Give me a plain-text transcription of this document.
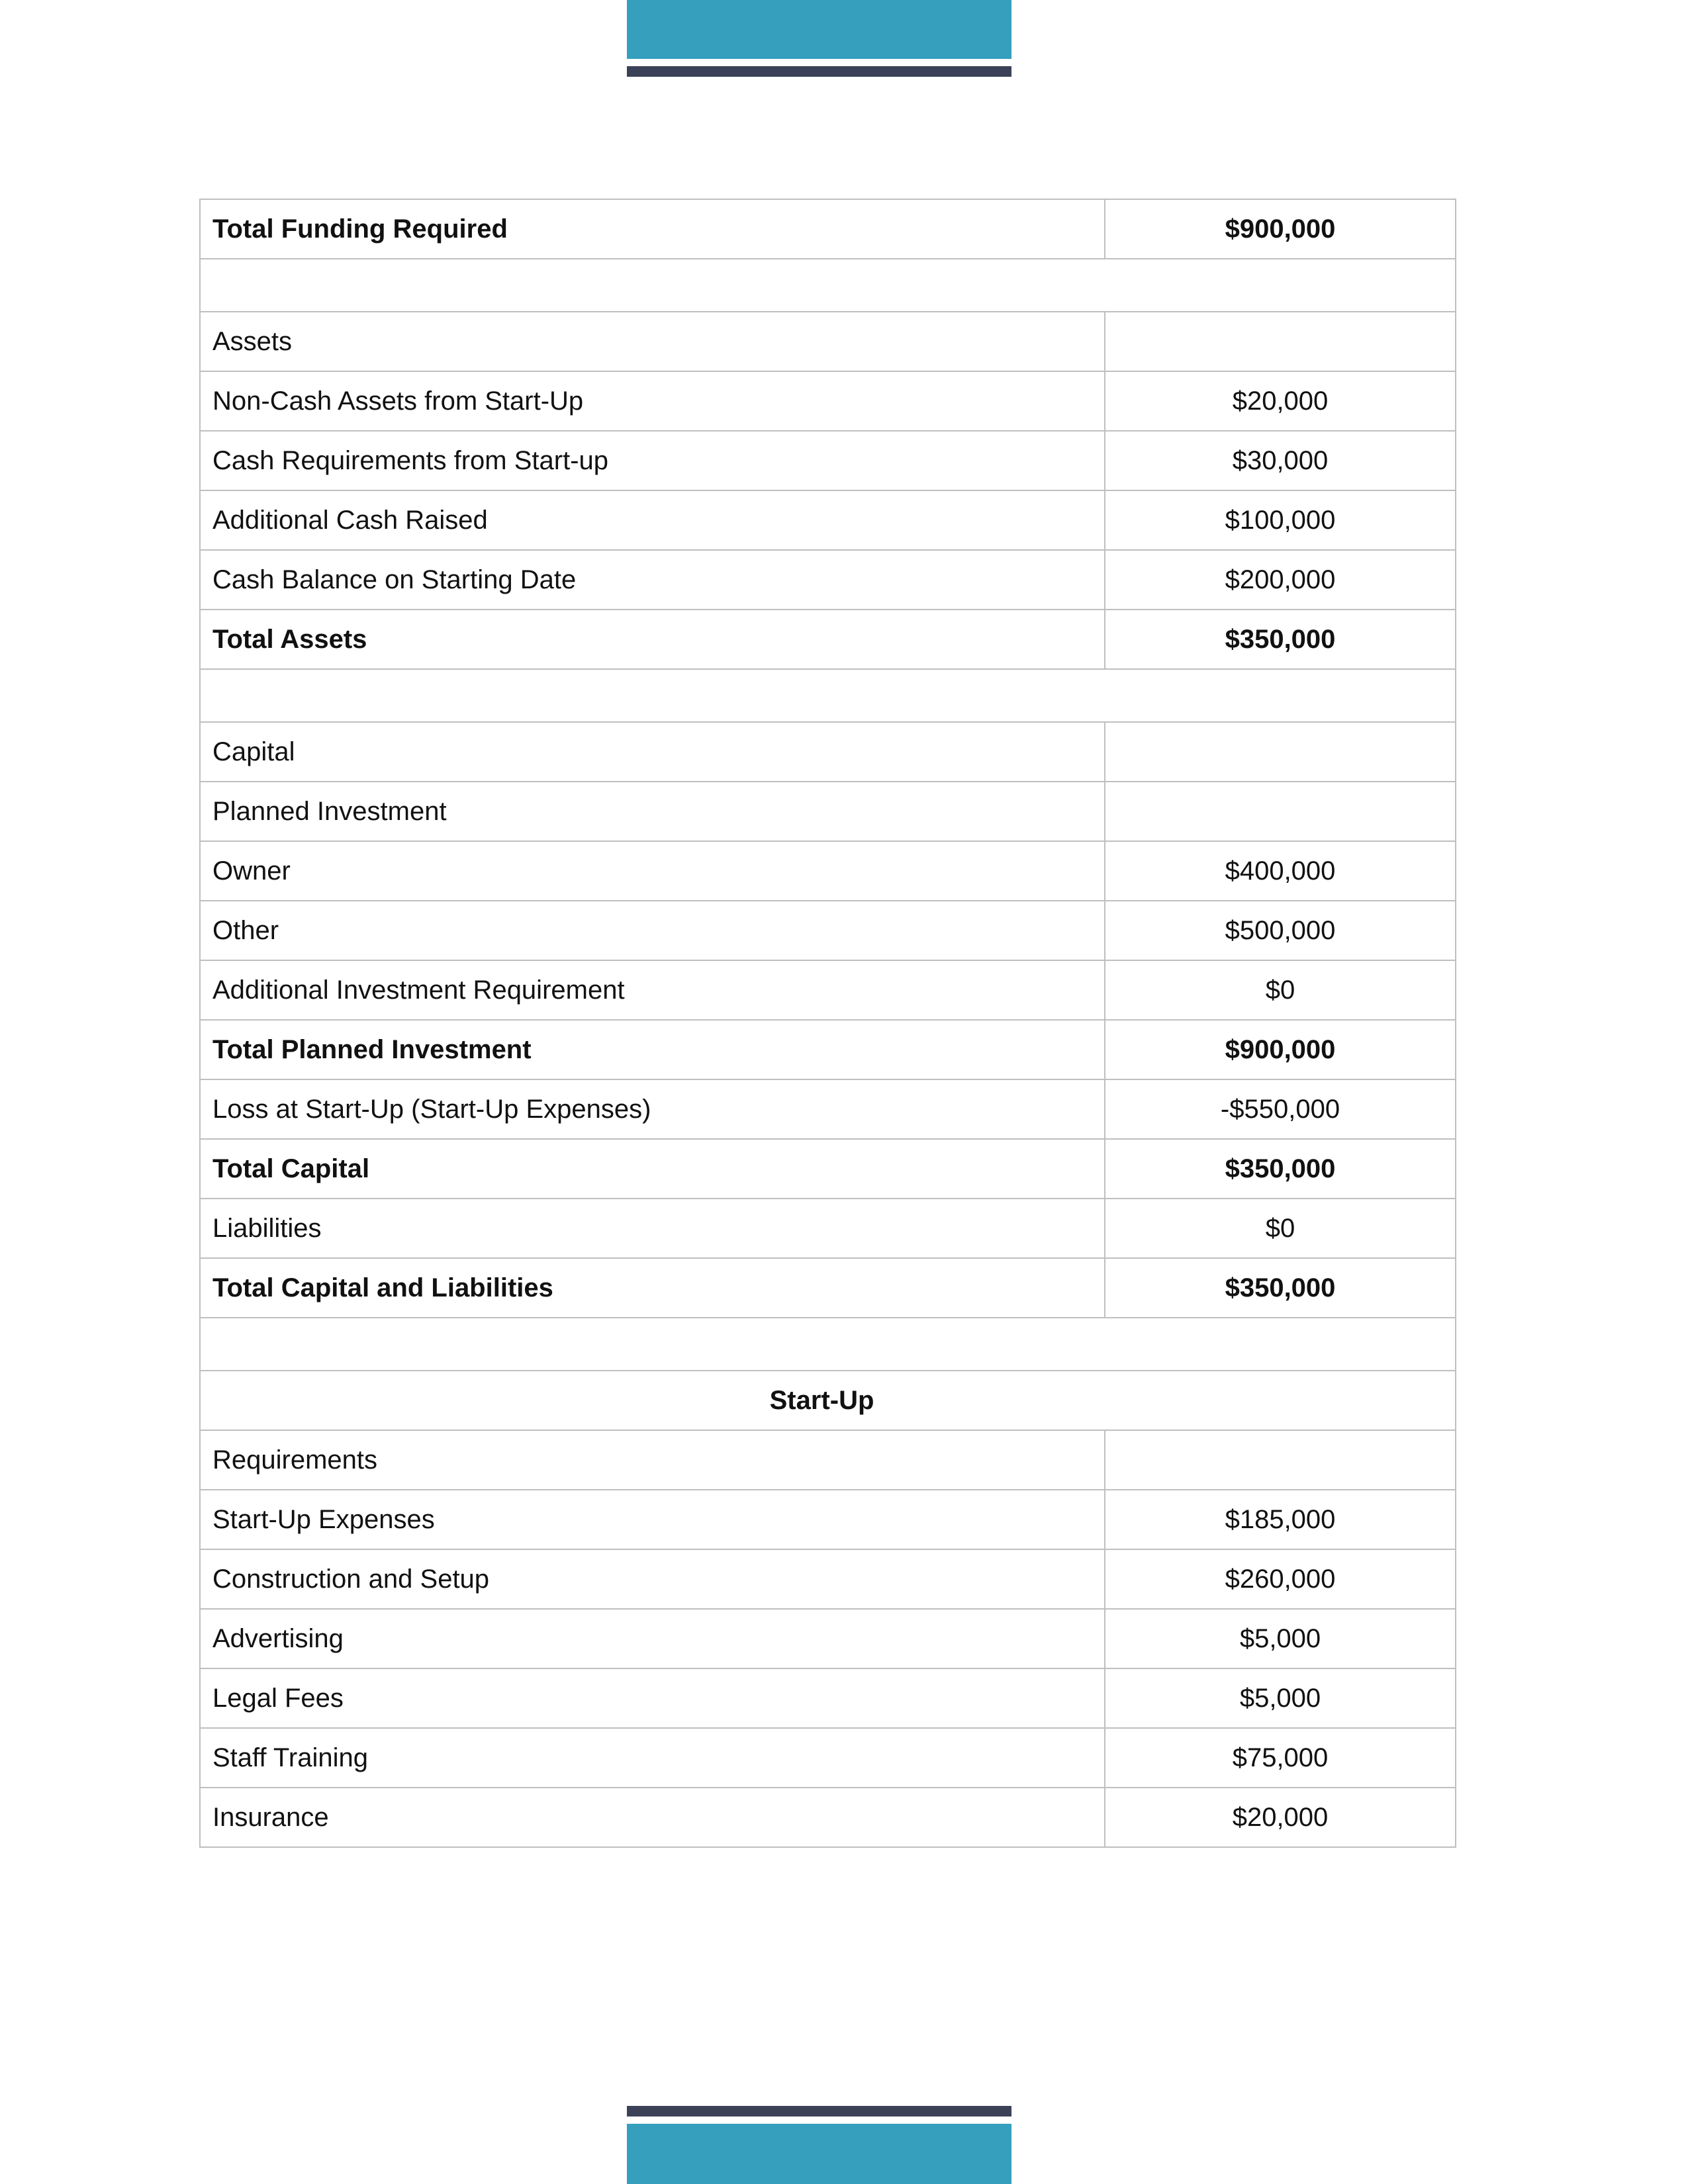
Total Funding Required	$900,000

Assets	
Non-Cash Assets from Start-Up	$20,000
Cash Requirements from Start-up	$30,000
Additional Cash Raised	$100,000
Cash Balance on Starting Date	$200,000
Total Assets	$350,000

Capital	
Planned Investment	
Owner	$400,000
Other	$500,000
Additional Investment Requirement	$0
Total Planned Investment	$900,000
Loss at Start-Up (Start-Up Expenses)	-$550,000
Total Capital	$350,000
Liabilities	$0
Total Capital and Liabilities	$350,000

Start-Up	
Requirements	
Start-Up Expenses	$185,000
Construction and Setup	$260,000
Advertising	$5,000
Legal Fees	$5,000
Staff Training	$75,000
Insurance	$20,000
